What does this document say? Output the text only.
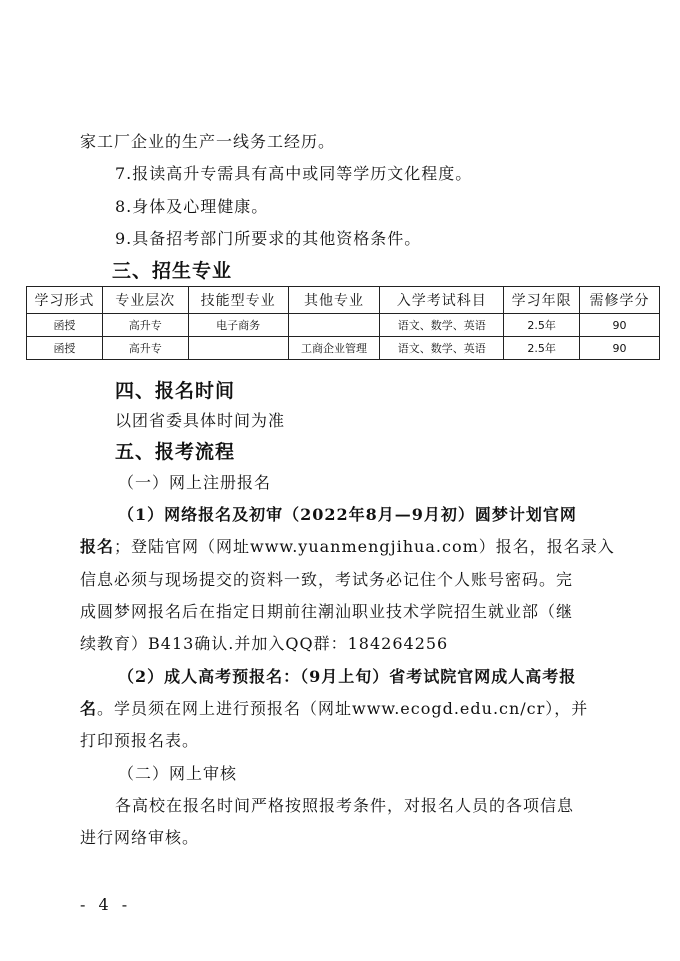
家工厂企业的生产一线务工经历。
7.报读高升专需具有高中或同等学历文化程度。
8.身体及心理健康。
9.具备招考部门所要求的其他资格条件。
三、招生专业
学习形式	专业层次	技能型专业	其他专业	入学考试科目	学习年限	需修学分
函授	高升专	电子商务		语文、数学、英语	2.5年	90
函授	高升专		工商企业管理	语文、数学、英语	2.5年	90
四、报名时间
以团省委具体时间为准
五、报考流程
（一）网上注册报名
（1）网络报名及初审（2022年8月—9月初）圆梦计划官网
报名；登陆官网（网址www.yuanmengjihua.com）报名，报名录入
信息必须与现场提交的资料一致，考试务必记住个人账号密码。完
成圆梦网报名后在指定日期前往潮汕职业技术学院招生就业部（继
续教育）B413确认.并加入QQ群：184264256
（2）成人高考预报名：（9月上旬）省考试院官网成人高考报
名。学员须在网上进行预报名（网址www.ecogd.edu.cn/cr），并
打印预报名表。
（二）网上审核
各高校在报名时间严格按照报考条件，对报名人员的各项信息
进行网络审核。
- 4 -
